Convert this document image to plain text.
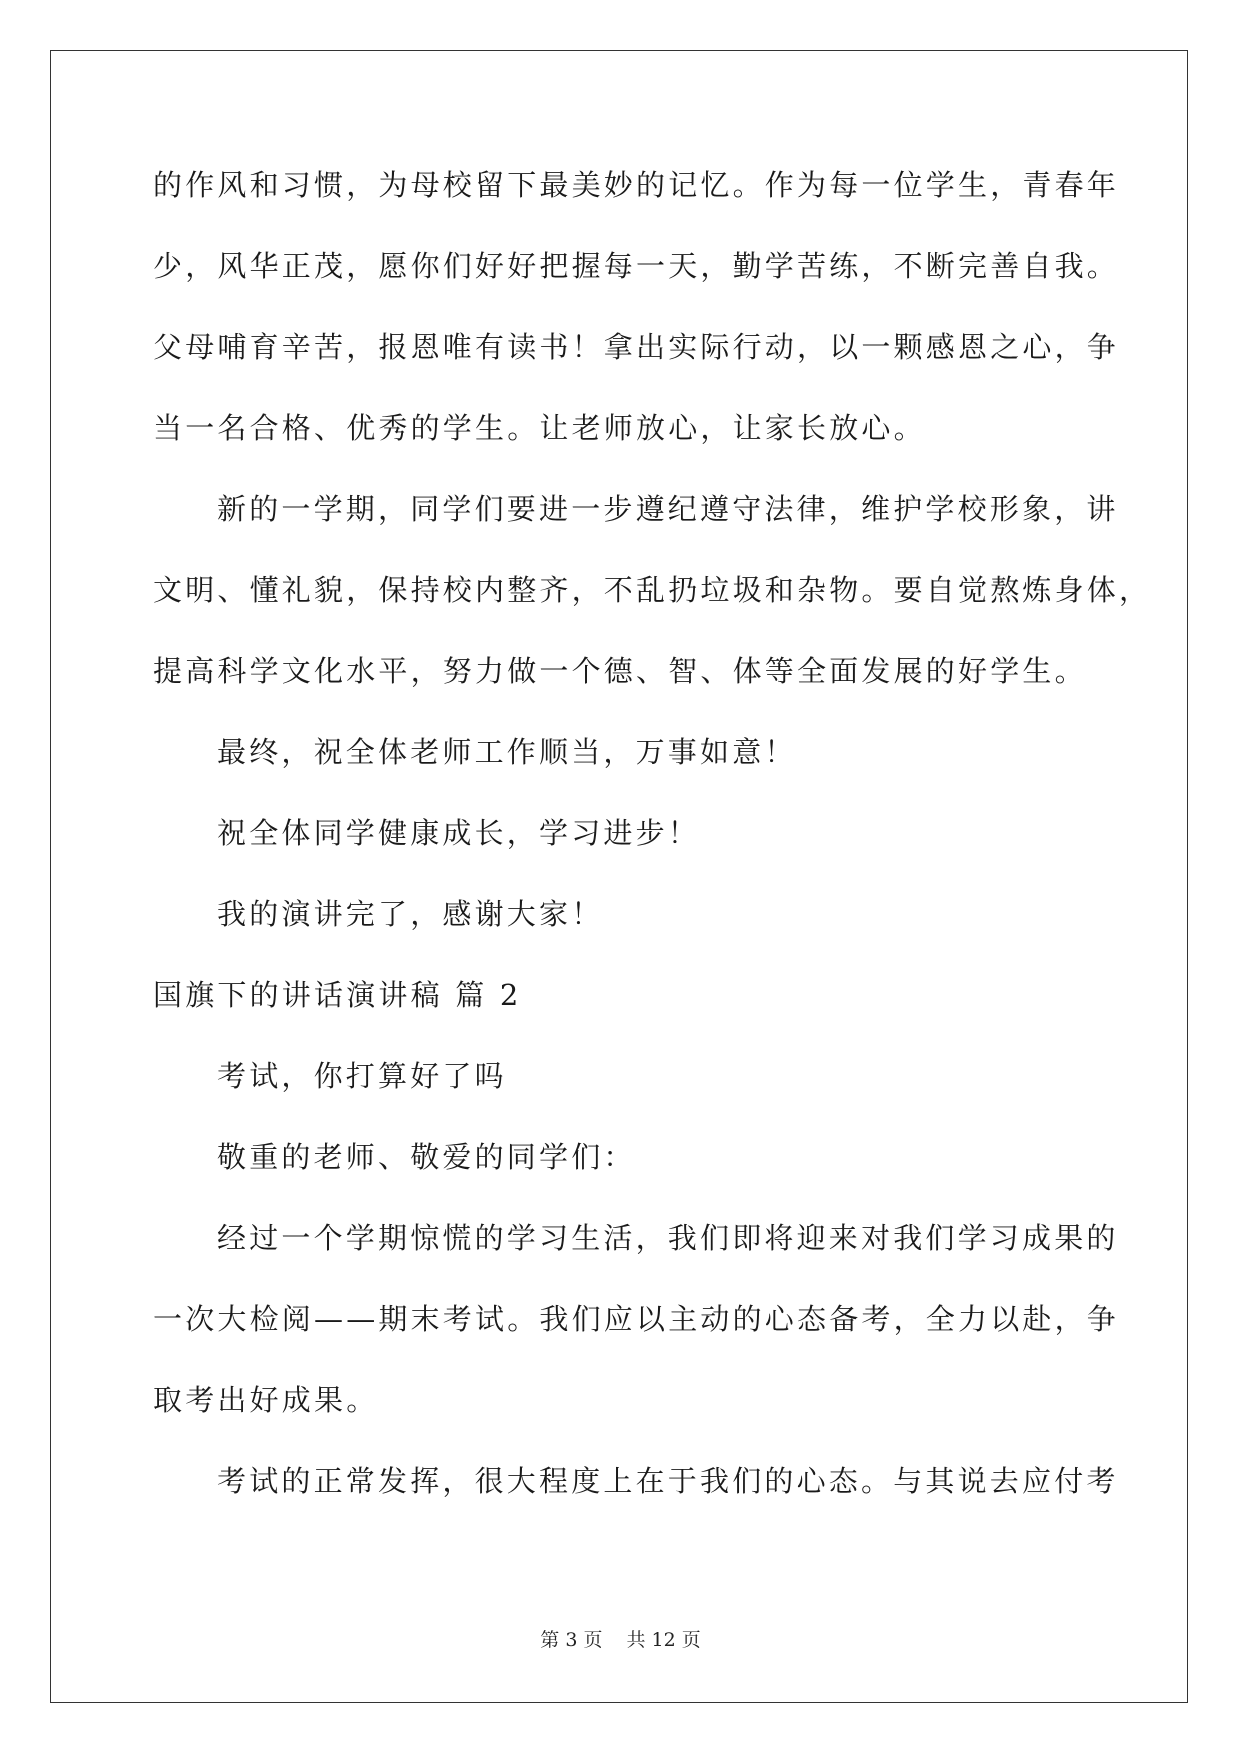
的作风和习惯，为母校留下最美妙的记忆。作为每一位学生，青春年
少，风华正茂，愿你们好好把握每一天，勤学苦练，不断完善自我。
父母哺育辛苦，报恩唯有读书！拿出实际行动，以一颗感恩之心，争
当一名合格、优秀的学生。让老师放心，让家长放心。
新的一学期，同学们要进一步遵纪遵守法律，维护学校形象，讲
文明、懂礼貌，保持校内整齐，不乱扔垃圾和杂物。要自觉熬炼身体，
提高科学文化水平，努力做一个德、智、体等全面发展的好学生。
最终，祝全体老师工作顺当，万事如意！
祝全体同学健康成长，学习进步！
我的演讲完了，感谢大家！
国旗下的讲话演讲稿 篇 2
考试，你打算好了吗
敬重的老师、敬爱的同学们：
经过一个学期惊慌的学习生活，我们即将迎来对我们学习成果的
一次大检阅——期末考试。我们应以主动的心态备考，全力以赴，争
取考出好成果。
考试的正常发挥，很大程度上在于我们的心态。与其说去应付考
第 3 页 共 12 页
